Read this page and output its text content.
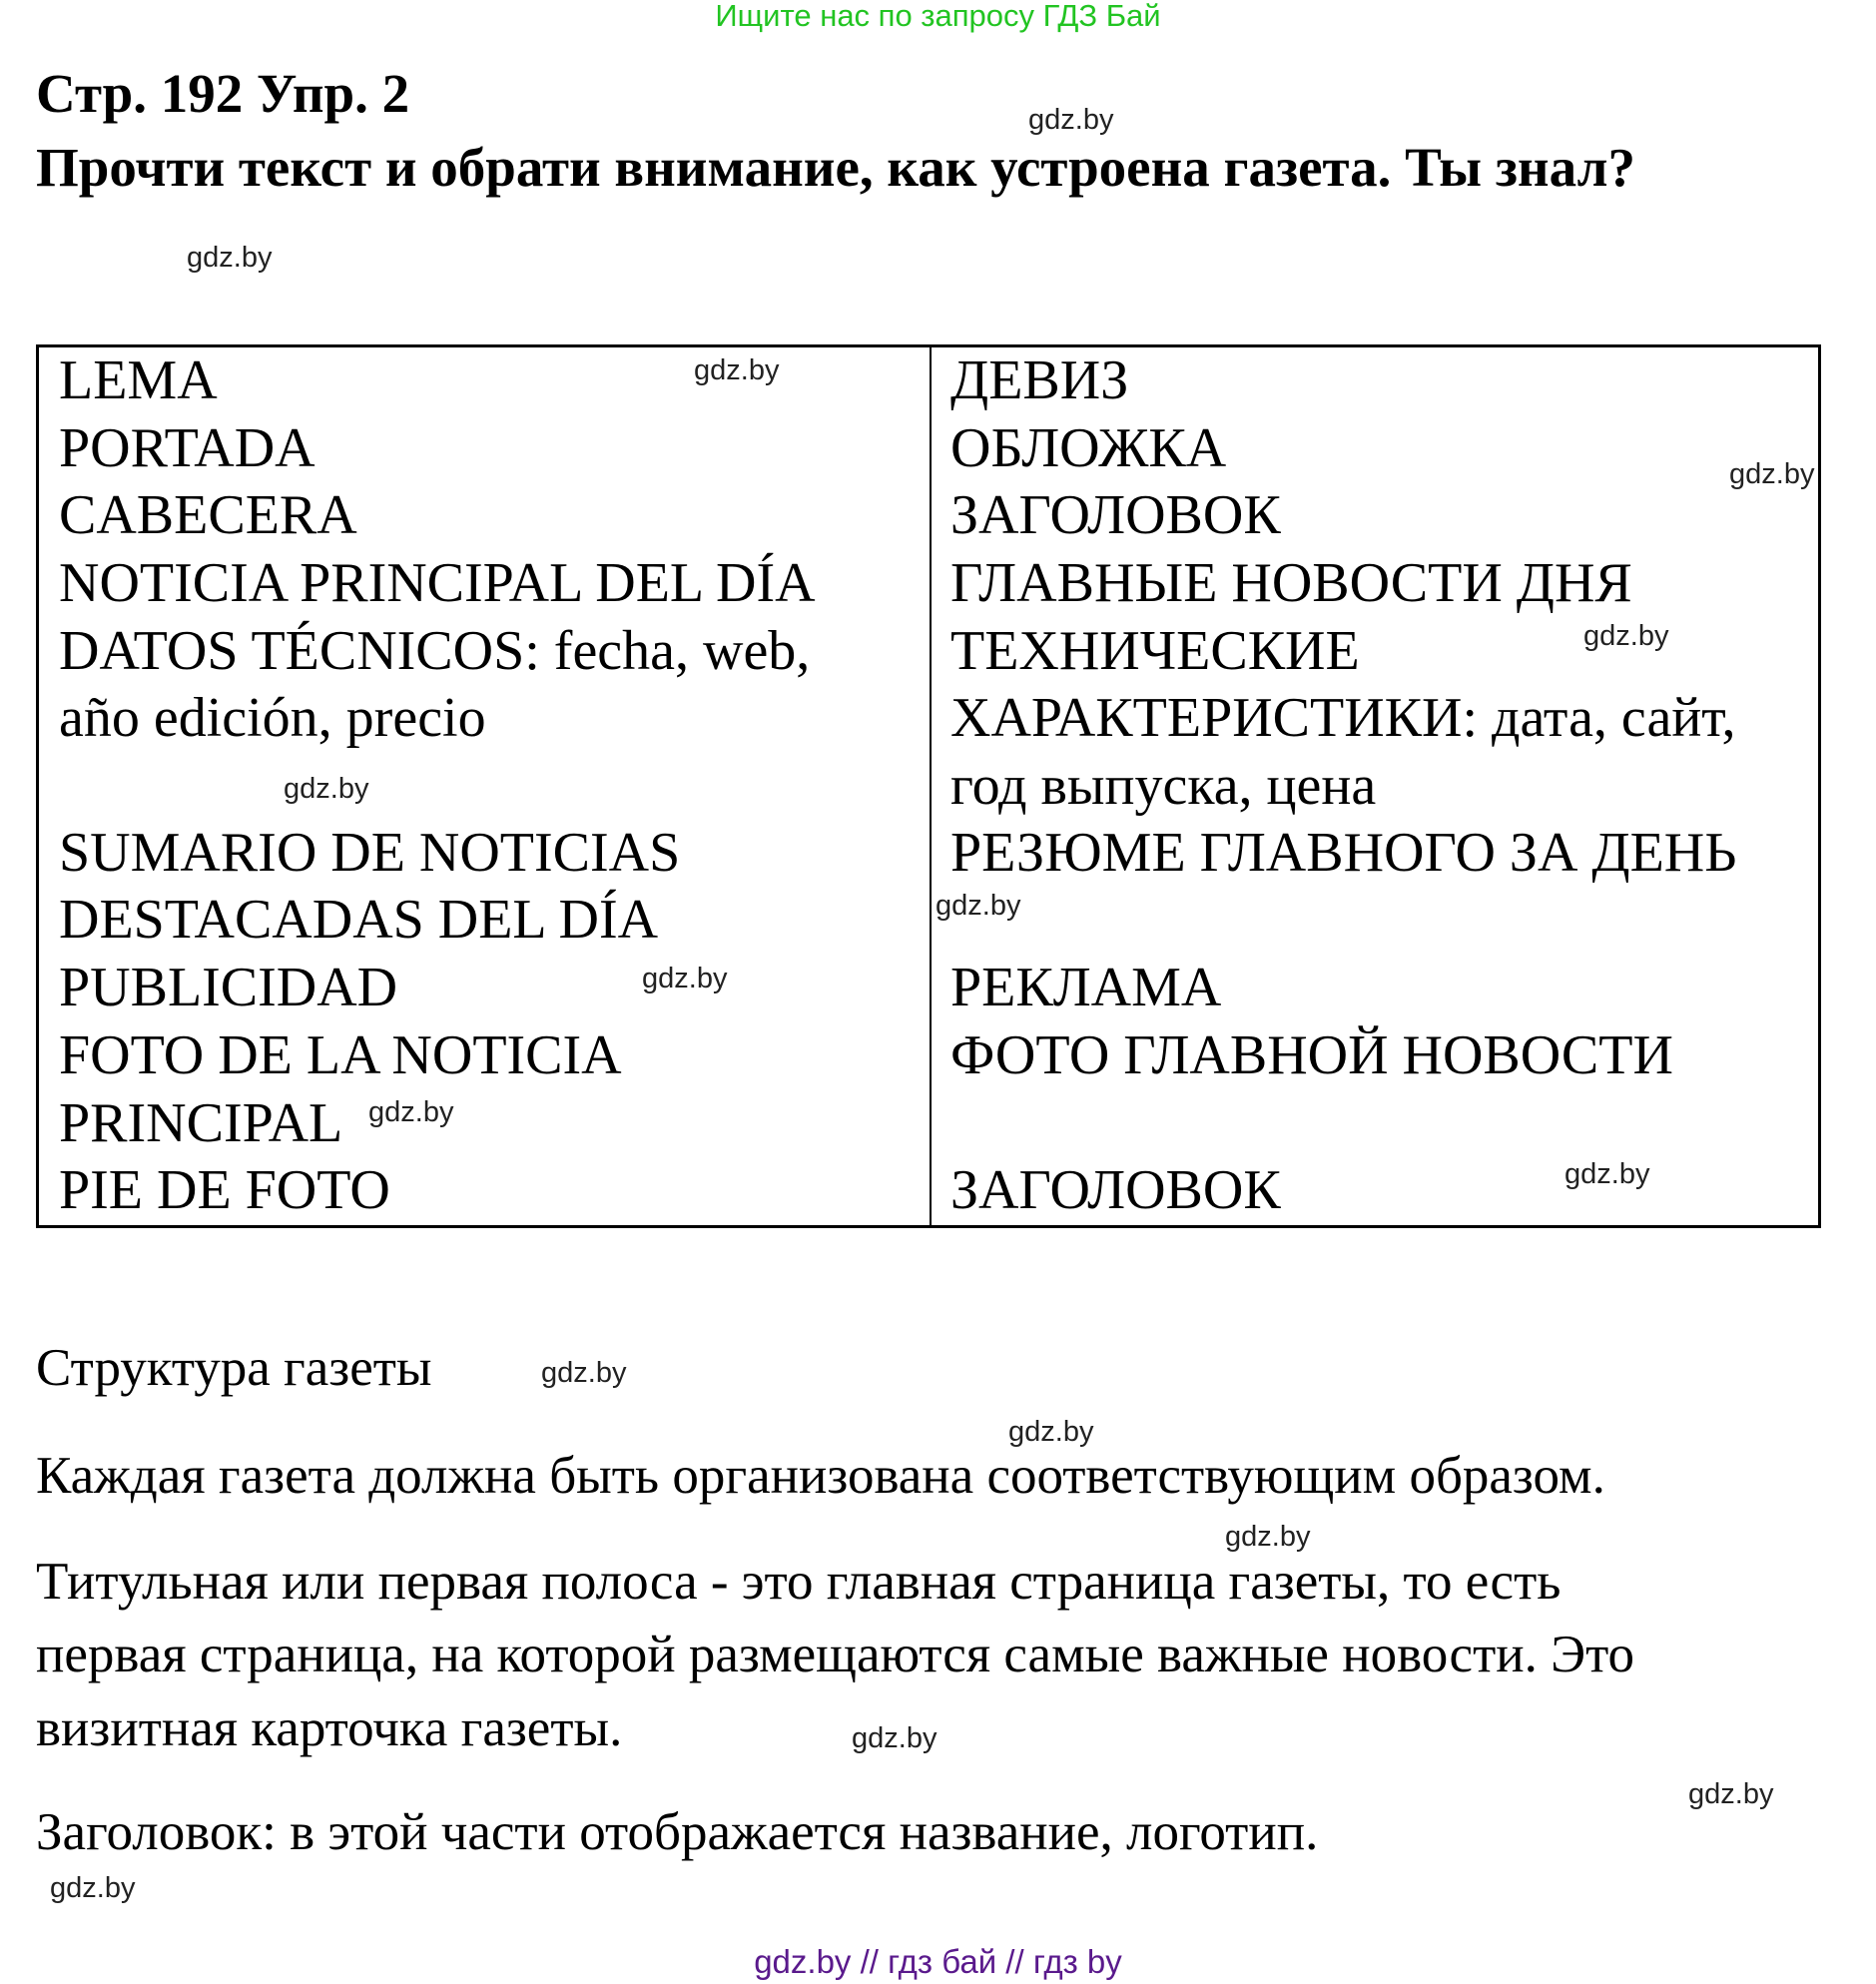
Ищите нас по запросу ГДЗ Бай
Стр. 192 Упр. 2
Прочти текст и обрати внимание, как устроена газета. Ты знал?
LEMA
PORTADA
CABECERA
NOTICIA PRINCIPAL DEL DÍA
DATOS TÉCNICOS: fecha, web,
año edición, precio
SUMARIO DE NOTICIAS
DESTACADAS DEL DÍA
PUBLICIDAD
FOTO DE LA NOTICIA
PRINCIPAL
PIE DE FOTO
ДЕВИЗ
ОБЛОЖКА
ЗАГОЛОВОК
ГЛАВНЫЕ НОВОСТИ ДНЯ
ТЕХНИЧЕСКИЕ
ХАРАКТЕРИСТИКИ: дата, сайт,
год выпуска, цена
РЕЗЮМЕ ГЛАВНОГО ЗА ДЕНЬ
РЕКЛАМА
ФОТО ГЛАВНОЙ НОВОСТИ
ЗАГОЛОВОК
Структура газеты
Каждая газета должна быть организована соответствующим образом.
Титульная или первая полоса - это главная страница газеты, то есть
первая страница, на которой размещаются самые важные новости. Это
визитная карточка газеты.
Заголовок: в этой части отображается название, логотип.
gdz.by
gdz.by
gdz.by
gdz.by
gdz.by
gdz.by
gdz.by
gdz.by
gdz.by
gdz.by
gdz.by
gdz.by
gdz.by
gdz.by
gdz.by
gdz.by
gdz.by // гдз бай // гдз by
